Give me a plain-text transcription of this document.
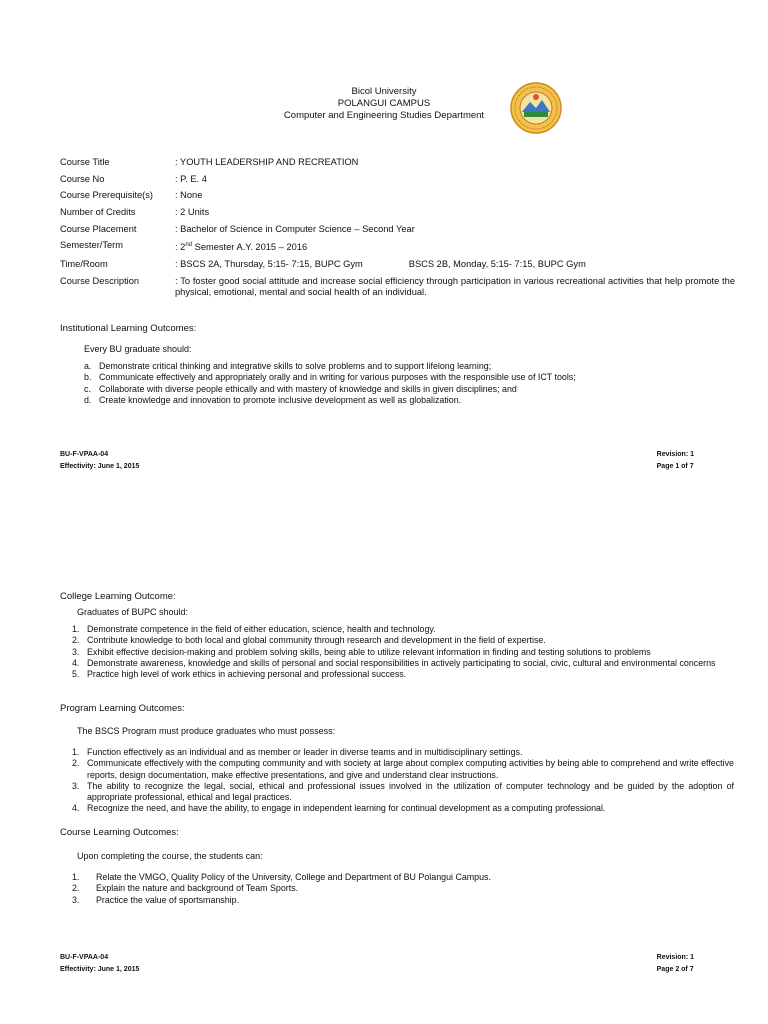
Bicol University
POLANGUI CAMPUS
Computer and Engineering Studies Department
Course Title	: YOUTH LEADERSHIP AND RECREATION
Course No	: P. E. 4
Course Prerequisite(s)	: None
Number of Credits	: 2 Units
Course Placement	: Bachelor of Science in Computer Science – Second Year
Semester/Term	: 2nd Semester A.Y. 2015 – 2016
Time/Room	: BSCS 2A, Thursday, 5:15- 7:15, BUPC Gym	BSCS 2B, Monday, 5:15- 7:15, BUPC Gym
Course Description	: To foster good social attitude and increase social efficiency through participation in various recreational activities that help promote the physical, emotional, mental and social health of an individual.
Institutional Learning Outcomes:
Every BU graduate should:
a. Demonstrate critical thinking and integrative skills to solve problems and to support lifelong learning;
b. Communicate effectively and appropriately orally and in writing for various purposes with the responsible use of ICT tools;
c. Collaborate with diverse people ethically and with mastery of knowledge and skills in given disciplines; and
d. Create knowledge and innovation to promote inclusive development as well as globalization.
BU-F-VPAA-04
Effectivity: June 1, 2015
Revision: 1
Page 1 of 7
College Learning Outcome:
Graduates of BUPC should:
1. Demonstrate competence in the field of either education, science, health and technology.
2. Contribute knowledge to both local and global community through research and development in the field of expertise.
3. Exhibit effective decision-making and problem solving skills, being able to utilize relevant information in finding and testing solutions to problems
4. Demonstrate awareness, knowledge and skills of personal and social responsibilities in actively participating to social, civic, cultural and environmental concerns
5. Practice high level of work ethics in achieving personal and professional success.
Program Learning Outcomes:
The BSCS Program must produce graduates who must possess:
1. Function effectively as an individual and as member or leader in diverse teams and in multidisciplinary settings.
2. Communicate effectively with the computing community and with society at large about complex computing activities by being able to comprehend and write effective reports, design documentation, make effective presentations, and give and understand clear instructions.
3. The ability to recognize the legal, social, ethical and professional issues involved in the utilization of computer technology and be guided by the adoption of appropriate professional, ethical and legal practices.
4. Recognize the need, and have the ability, to engage in independent learning for continual development as a computing professional.
Course Learning Outcomes:
Upon completing the course, the students can:
1.	Relate the VMGO, Quality Policy of the University, College and Department of BU Polangui Campus.
2.	Explain the nature and background of Team Sports.
3.	Practice the value of sportsmanship.
BU-F-VPAA-04
Effectivity: June 1, 2015
Revision: 1
Page 2 of 7
